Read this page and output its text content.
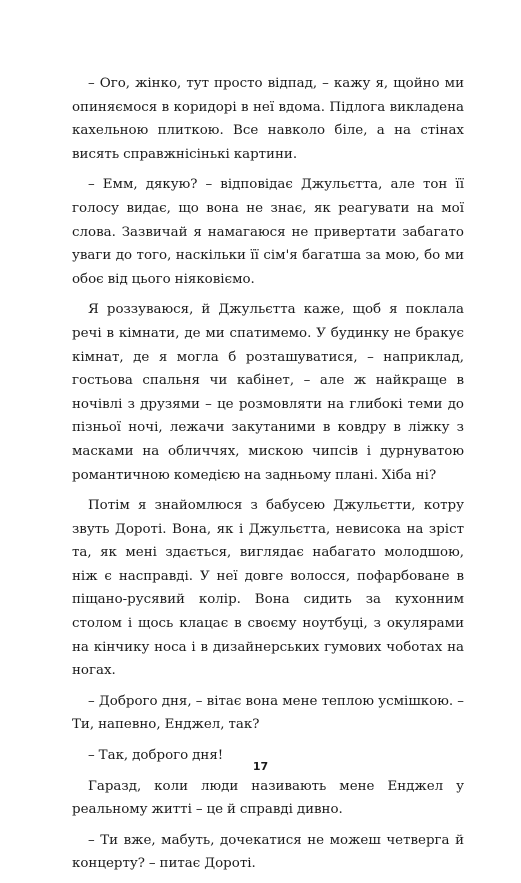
– Ого, жінко, тут просто відпад, – кажу я, щойно ми опиняємося в коридорі в неї вдома. Підлога викладена кахельною плиткою. Все навколо біле, а на стінах висять справжнісінькі картини.

– Емм, дякую? – відповідає Джульєтта, але тон її голосу видає, що вона не знає, як реагувати на мої слова. Зазвичай я намагаюся не привертати забагато уваги до того, наскільки її сім'я багатша за мою, бо ми обоє від цього ніяковіємо.

Я роззуваюся, й Джульєтта каже, щоб я поклала речі в кімнати, де ми спатимемо. У будинку не бракує кімнат, де я могла б розташуватися, – наприклад, гостьова спальня чи кабінет, – але ж найкраще в ночівлі з друзями – це розмовляти на глибокі теми до пізньої ночі, лежачи закутаними в ковдру в ліжку з масками на обличчях, мискою чипсів і дурнуватою романтичною комедією на задньому плані. Хіба ні?

Потім я знайомлюся з бабусею Джульєтти, котру звуть Дороті. Вона, як і Джульєтта, невисока на зріст та, як мені здається, виглядає набагато молодшою, ніж є насправді. У неї довге волосся, пофарбоване в піщано-русявий колір. Вона сидить за кухонним столом і щось клацає в своєму ноутбуці, з окулярами на кінчику носа і в дизайнерських гумових чоботах на ногах.

– Доброго дня, – вітає вона мене теплою усмішкою. – Ти, напевно, Енджел, так?

– Так, доброго дня!

Гаразд, коли люди називають мене Енджел у реальному житті – це й справді дивно.

– Ти вже, мабуть, дочекатися не можеш четверга й концерту? – питає Дороті.

17
